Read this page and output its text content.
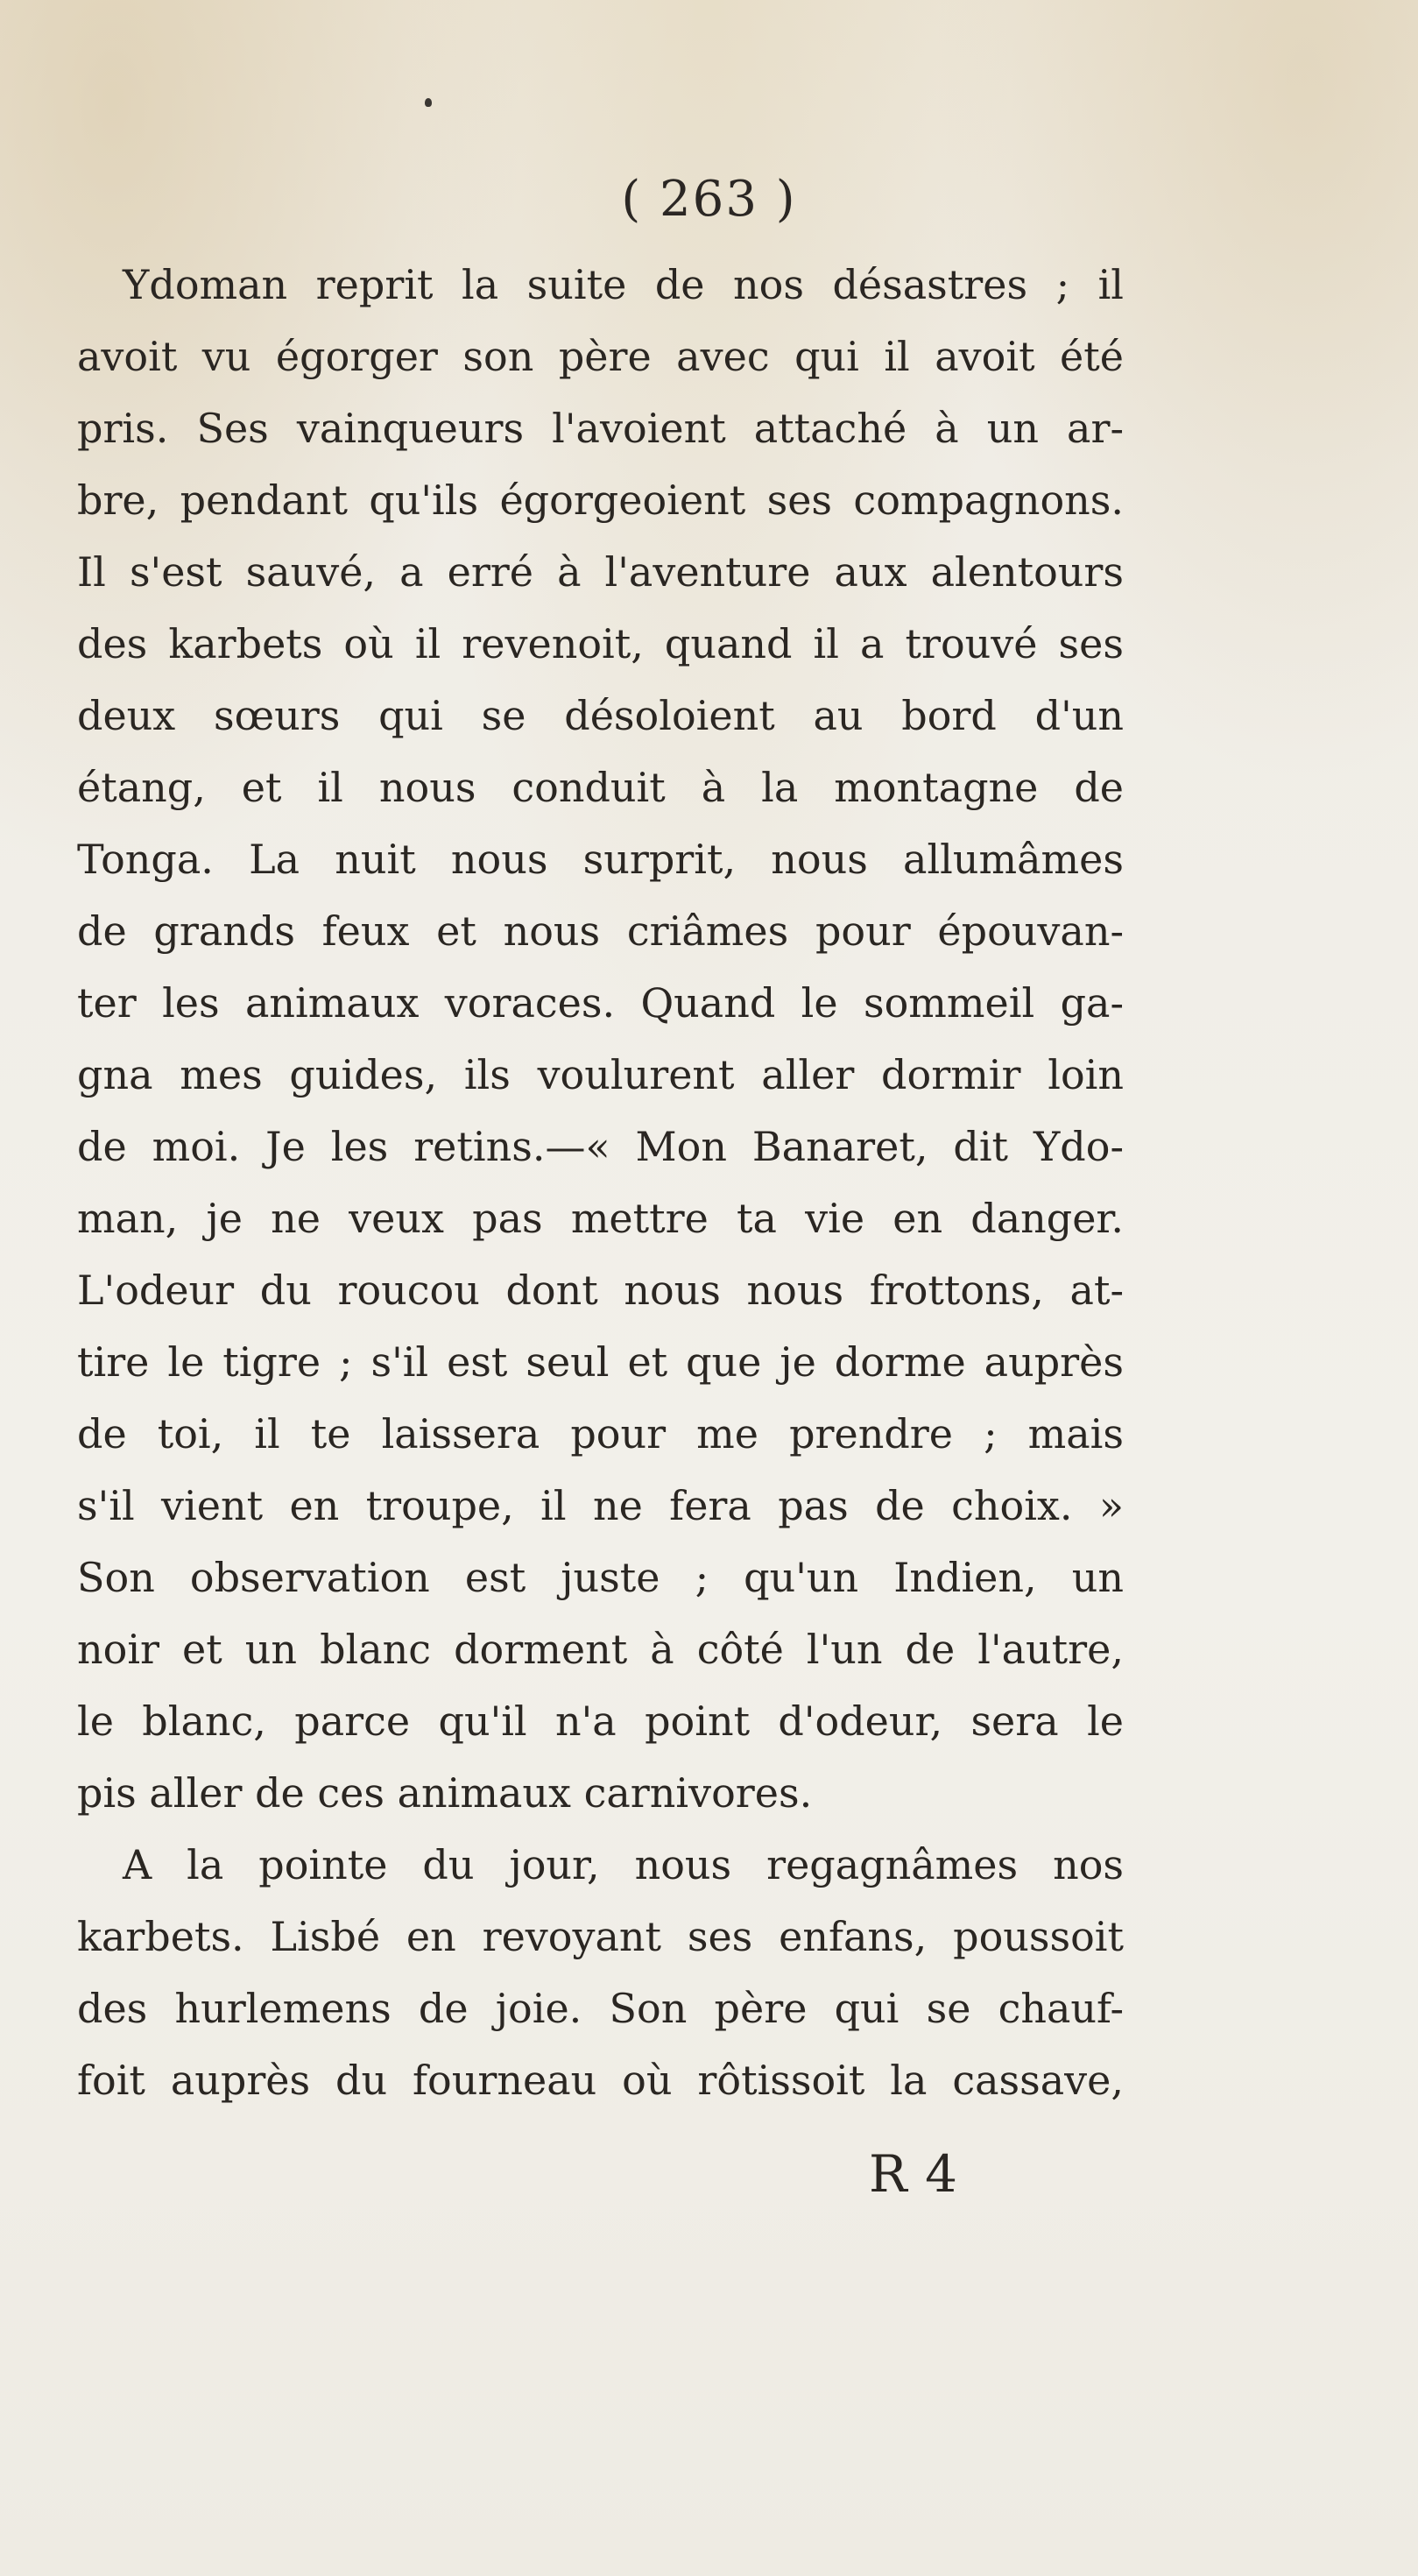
( 263 )
Ydoman reprit la suite de nos désastres ; il
avoit vu égorger son père avec qui il avoit été
pris. Ses vainqueurs l'avoient attaché à un ar-
bre, pendant qu'ils égorgeoient ses compagnons.
Il s'est sauvé, a erré à l'aventure aux alentours
des karbets où il revenoit, quand il a trouvé ses
deux sœurs qui se désoloient au bord d'un
étang, et il nous conduit à la montagne de
Tonga. La nuit nous surprit, nous allumâmes
de grands feux et nous criâmes pour épouvan-
ter les animaux voraces. Quand le sommeil ga-
gna mes guides, ils voulurent aller dormir loin
de moi. Je les retins.—« Mon Banaret, dit Ydo-
man, je ne veux pas mettre ta vie en danger.
L'odeur du roucou dont nous nous frottons, at-
tire le tigre ; s'il est seul et que je dorme auprès
de toi, il te laissera pour me prendre ; mais
s'il vient en troupe, il ne fera pas de choix. »
Son observation est juste ; qu'un Indien, un
noir et un blanc dorment à côté l'un de l'autre,
le blanc, parce qu'il n'a point d'odeur, sera le
pis aller de ces animaux carnivores.
A la pointe du jour, nous regagnâmes nos
karbets. Lisbé en revoyant ses enfans, poussoit
des hurlemens de joie. Son père qui se chauf-
foit auprès du fourneau où rôtissoit la cassave,
R 4
